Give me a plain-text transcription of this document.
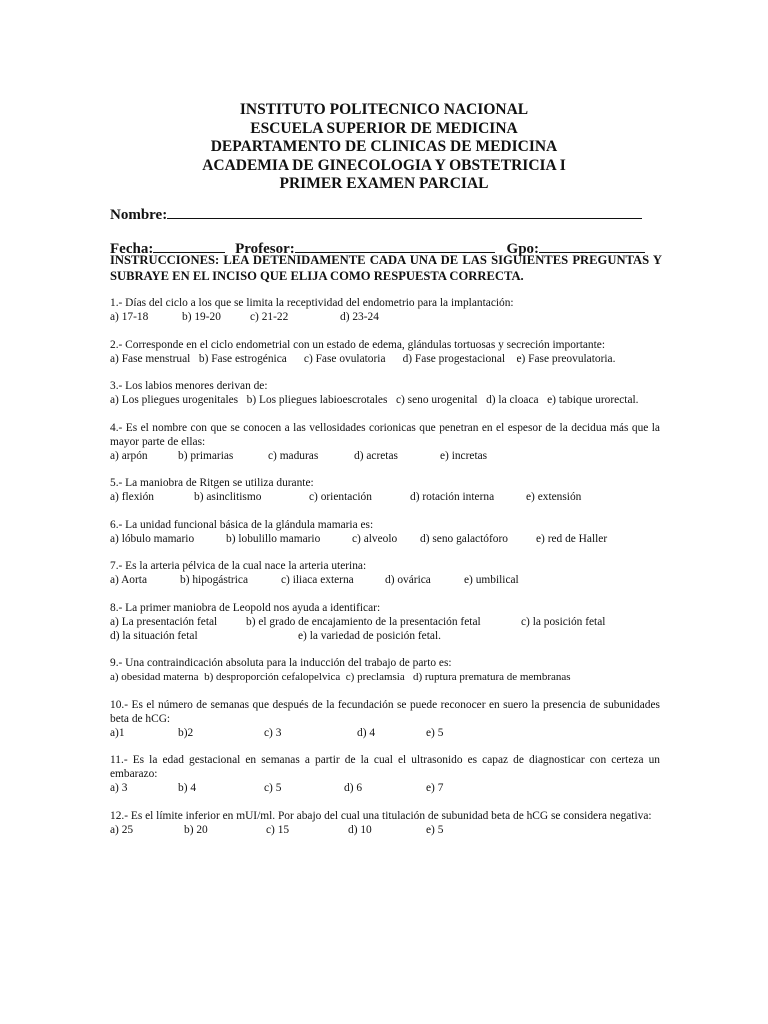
INSTITUTO POLITECNICO NACIONAL
ESCUELA SUPERIOR DE MEDICINA
DEPARTAMENTO DE CLINICAS DE MEDICINA
ACADEMIA DE GINECOLOGIA Y OBSTETRICIA I
PRIMER EXAMEN PARCIAL
Nombre:
Fecha:	Profesor:	Gpo:
INSTRUCCIONES: LEA DETENIDAMENTE CADA UNA DE LAS SIGUIENTES PREGUNTAS Y SUBRAYE EN EL INCISO QUE ELIJA COMO RESPUESTA CORRECTA.

1.- Días del ciclo a los que se limita la receptividad del endometrio para la implantación:

a) 17-18	b) 19-20	c) 21-22	d) 23-24

2.- Corresponde en el ciclo endometrial con un estado de edema, glándulas tortuosas y secreción importante:

a) Fase menstrual   b) Fase estrogénica      c) Fase ovulatoria      d) Fase progestacional    e) Fase preovulatoria.

3.- Los labios menores derivan de:

a) Los pliegues urogenitales   b) Los pliegues labioescrotales   c) seno urogenital   d) la cloaca   e) tabique urorectal.

4.- Es el nombre con que se conocen a las vellosidades corionicas que penetran en el espesor de la decidua más que la mayor parte de ellas:

a) arpón	b) primarias	c) maduras	d) acretas	e) incretas

5.- La maniobra de Ritgen se utiliza durante:

a) flexión	b) asinclitismo	c) orientación	d) rotación interna	e) extensión

6.- La unidad funcional básica de la glándula mamaria es:

a) lóbulo mamario	b) lobulillo mamario	c) alveolo	d) seno galactóforo	e) red de Haller

7.- Es la arteria pélvica de la cual nace la arteria uterina:

a) Aorta	b) hipogástrica	c) iliaca externa	d) ovárica	e) umbilical

8.- La primer maniobra de Leopold nos ayuda a identificar:

a) La presentación fetal	b) el grado de encajamiento de la presentación fetal	c) la posición fetal
d) la situación fetal	e) la variedad de posición fetal.

9.- Una contraindicación absoluta para la inducción del trabajo de parto es:

a) obesidad materna  b) desproporción cefalopelvica  c) preclamsia   d) ruptura prematura de membranas

10.- Es el número de semanas que después de la fecundación se puede reconocer en suero la presencia de subunidades beta de hCG:

a)1	b)2	c) 3	d) 4	e) 5

11.- Es la edad gestacional en semanas a partir de la cual el ultrasonido es capaz de diagnosticar con certeza un embarazo:

a) 3	b) 4	c) 5	d) 6	e) 7

12.- Es el límite inferior en mUI/ml. Por abajo del cual una titulación de subunidad beta de hCG se considera negativa:

a) 25	b) 20	c) 15	d) 10	e) 5
